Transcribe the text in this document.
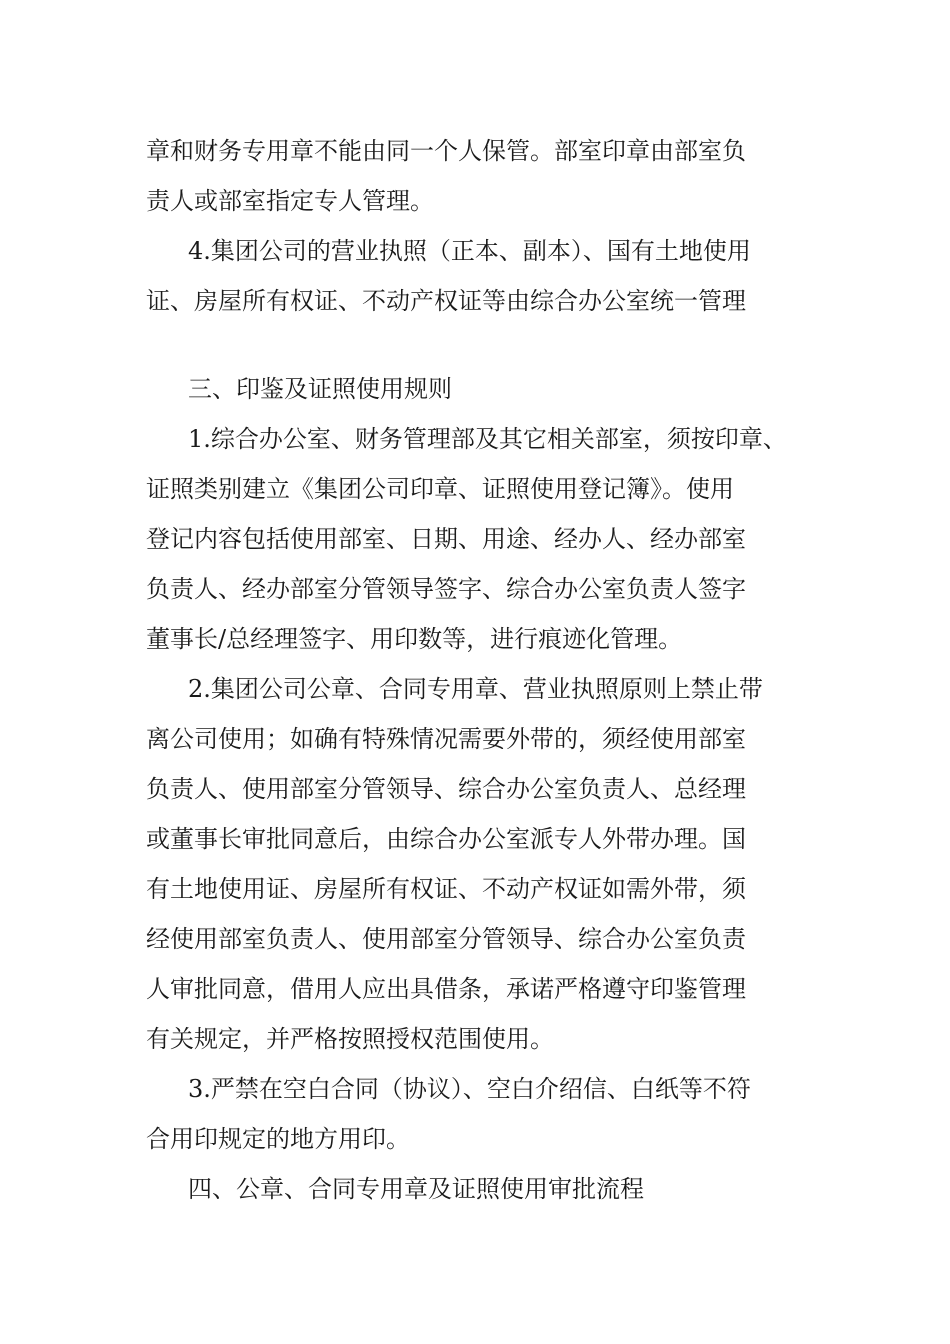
章和财务专用章不能由同一个人保管。部室印章由部室负
责人或部室指定专人管理。
4.集团公司的营业执照（正本、副本）、国有土地使用
证、房屋所有权证、不动产权证等由综合办公室统一管理
三、印鉴及证照使用规则
1.综合办公室、财务管理部及其它相关部室，须按印章、
证照类别建立《集团公司印章、证照使用登记簿》。使用
登记内容包括使用部室、日期、用途、经办人、经办部室
负责人、经办部室分管领导签字、综合办公室负责人签字
董事长/总经理签字、用印数等，进行痕迹化管理。
2.集团公司公章、合同专用章、营业执照原则上禁止带
离公司使用；如确有特殊情况需要外带的，须经使用部室
负责人、使用部室分管领导、综合办公室负责人、总经理
或董事长审批同意后，由综合办公室派专人外带办理。国
有土地使用证、房屋所有权证、不动产权证如需外带，须
经使用部室负责人、使用部室分管领导、综合办公室负责
人审批同意，借用人应出具借条，承诺严格遵守印鉴管理
有关规定，并严格按照授权范围使用。
3.严禁在空白合同（协议）、空白介绍信、白纸等不符
合用印规定的地方用印。
四、公章、合同专用章及证照使用审批流程
